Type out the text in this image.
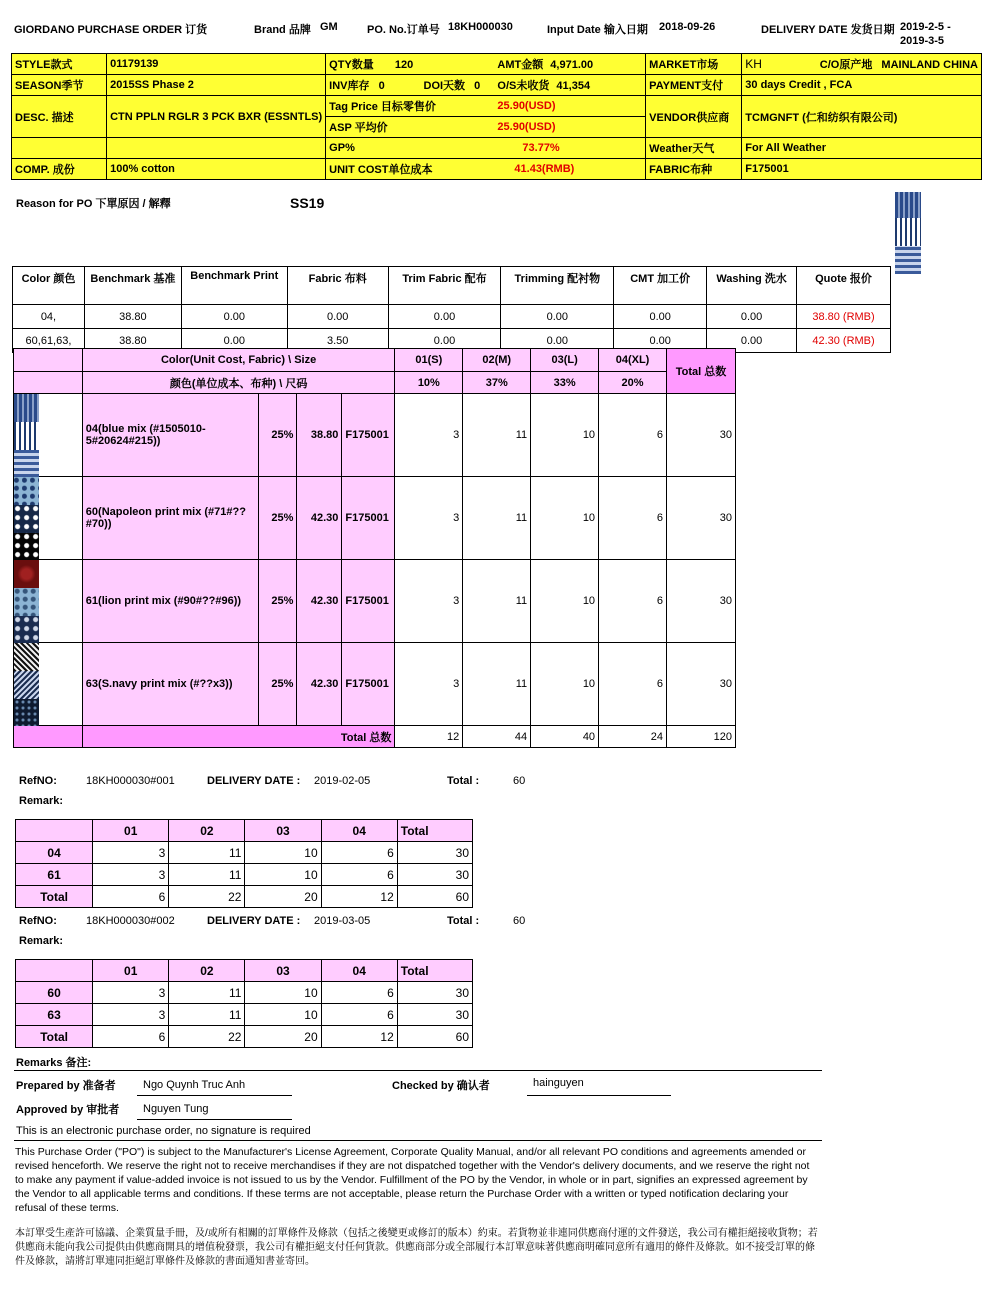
GIORDANO PURCHASE ORDER 订货	Brand 品牌 GM	PO. No.订单号 18KH000030	Input Date 输入日期 2018-09-26	DELIVERY DATE 发货日期 2019-2-5 -
2019-3-5
STYLE款式	01179139	QTY数量 120		AMT金额 4,971.00	MARKET市场	KH	C/O原产地 MAINLAND CHINA
SEASON季节	2015SS Phase 2	INV库存 0	DOI天数 0	O/S未收货 41,354	PAYMENT支付	30 days Credit , FCA	
DESC. 描述	CTN PPLN RGLR 3 PCK BXR (ESSNTLS)	Tag Price 目标零售价		25.90(USD)	VENDOR供应商	TCMGNFT (仁和纺织有限公司)	
		ASP 平均价		25.90(USD)			
		GP%		73.77%	Weather天气	For All Weather	
COMP. 成份	100% cotton	UNIT COST单位成本		41.43(RMB)	FABRIC布种	F175001	
Reason for PO 下單原因 / 解釋	SS19
Color 颜色	Benchmark 基准	Benchmark Print	Fabric 布料	Trim Fabric 配布	Trimming 配衬物	CMT 加工价	Washing 洗水	Quote 报价
04,	38.80	0.00	0.00	0.00	0.00	0.00	0.00	38.80 (RMB)
60,61,63,	38.80	0.00	3.50	0.00	0.00	0.00	0.00	42.30 (RMB)
	Color(Unit Cost, Fabric) \ Size				01(S)	02(M)	03(L)	04(XL)	Total 总数
	颜色(单位成本、布种) \ 尺码				10%	37%	33%	20%	
	04(blue mix (#1505010-5#20624#215))	25%	38.80	F175001	3	11	10	6	30
	60(Napoleon print mix (#71#??#70))	25%	42.30	F175001	3	11	10	6	30
	61(lion print mix (#90#??#96))	25%	42.30	F175001	3	11	10	6	30
	63(S.navy print mix (#??x3))	25%	42.30	F175001	3	11	10	6	30
	Total 总数				12	44	40	24	120
RefNO:	18KH000030#001	DELIVERY DATE : 2019-02-05	Total :	60
Remark:
	01	02	03	04	Total
04	3	11	10	6	30
61	3	11	10	6	30
Total	6	22	20	12	60
RefNO:	18KH000030#002	DELIVERY DATE : 2019-03-05	Total :	60
Remark:
	01	02	03	04	Total
60	3	11	10	6	30
63	3	11	10	6	30
Total	6	22	20	12	60
Remarks 备注:
Prepared by 准备者 Ngo Quynh Truc Anh	Checked by 确认者	hainguyen
Approved by 审批者 Nguyen Tung
This is an electronic purchase order, no signature is required
This Purchase Order ("PO") is subject to the Manufacturer's License Agreement, Corporate Quality Manual, and/or all relevant PO conditions and agreements amended or revised henceforth. We reserve the right not to receive merchandises if they are not dispatched together with the Vendor's delivery documents, and we reserve the right not to make any payment if value-added invoice is not issued to us by the Vendor. Fulfillment of the PO by the Vendor, in whole or in part, signifies an expressed agreement by the Vendor to all applicable terms and conditions. If these terms are not acceptable, please return the Purchase Order with a written or typed notification declaring your refusal of these terms.
本訂單受生產許可協議、企業質量手冊，及/或所有相關的訂單條件及條款（包括之後變更或修訂的版本）約束。若貨物並非連同供應商付運的文件發送，我公司有權拒絕接收貨物；若供應商未能向我公司提供由供應商開具的增值稅發票，我公司有權拒絕支付任何貨款。供應商部分或全部履行本訂單意味著供應商明確同意所有適用的條件及條款。如不接受訂單的條件及條款，請將訂單連同拒絕訂單條件及條款的書面通知書並寄回。
